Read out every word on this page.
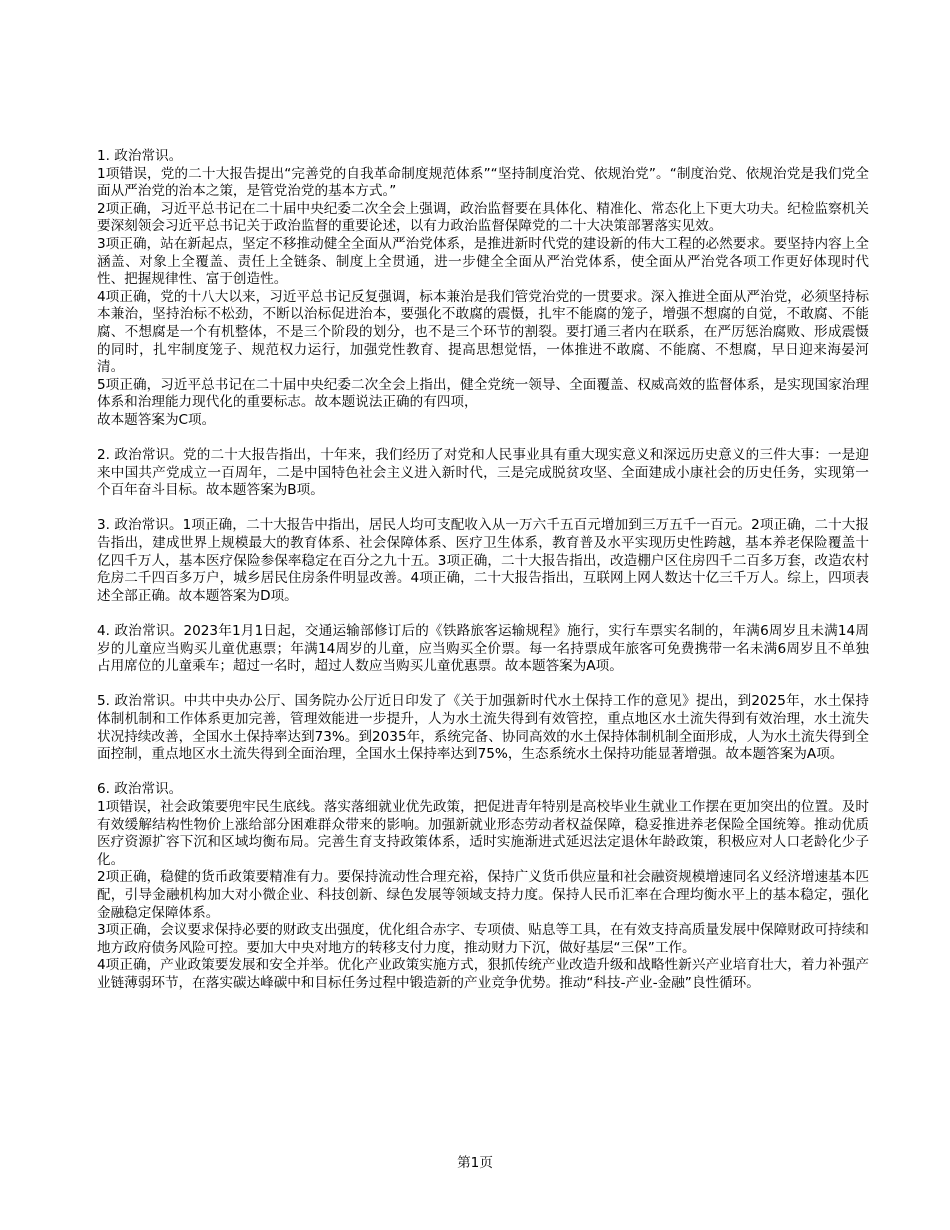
1. 政治常识。

1项错误，党的二十大报告提出“完善党的自我革命制度规范体系”“坚持制度治党、依规治党”。“制度治党、依规治党是我们党全面从严治党的治本之策，是管党治党的基本方式。”

2项正确，习近平总书记在二十届中央纪委二次全会上强调，政治监督要在具体化、精准化、常态化上下更大功夫。纪检监察机关要深刻领会习近平总书记关于政治监督的重要论述，以有力政治监督保障党的二十大决策部署落实见效。

3项正确，站在新起点，坚定不移推动健全全面从严治党体系，是推进新时代党的建设新的伟大工程的必然要求。要坚持内容上全涵盖、对象上全覆盖、责任上全链条、制度上全贯通，进一步健全全面从严治党体系，使全面从严治党各项工作更好体现时代性、把握规律性、富于创造性。

4项正确，党的十八大以来，习近平总书记反复强调，标本兼治是我们管党治党的一贯要求。深入推进全面从严治党，必须坚持标本兼治，坚持治标不松劲，不断以治标促进治本，要强化不敢腐的震慑，扎牢不能腐的笼子，增强不想腐的自觉，不敢腐、不能腐、不想腐是一个有机整体，不是三个阶段的划分，也不是三个环节的割裂。要打通三者内在联系，在严厉惩治腐败、形成震慑的同时，扎牢制度笼子、规范权力运行，加强党性教育、提高思想觉悟，一体推进不敢腐、不能腐、不想腐，早日迎来海晏河清。

5项正确，习近平总书记在二十届中央纪委二次全会上指出，健全党统一领导、全面覆盖、权威高效的监督体系，是实现国家治理体系和治理能力现代化的重要标志。故本题说法正确的有四项，

故本题答案为C项。

2. 政治常识。党的二十大报告指出，十年来，我们经历了对党和人民事业具有重大现实意义和深远历史意义的三件大事：一是迎来中国共产党成立一百周年，二是中国特色社会主义进入新时代，三是完成脱贫攻坚、全面建成小康社会的历史任务，实现第一个百年奋斗目标。故本题答案为B项。

3. 政治常识。1项正确，二十大报告中指出，居民人均可支配收入从一万六千五百元增加到三万五千一百元。2项正确，二十大报告指出，建成世界上规模最大的教育体系、社会保障体系、医疗卫生体系，教育普及水平实现历史性跨越，基本养老保险覆盖十亿四千万人，基本医疗保险参保率稳定在百分之九十五。3项正确，二十大报告指出，改造棚户区住房四千二百多万套，改造农村危房二千四百多万户，城乡居民住房条件明显改善。4项正确，二十大报告指出，互联网上网人数达十亿三千万人。综上，四项表述全部正确。故本题答案为D项。

4. 政治常识。2023年1月1日起，交通运输部修订后的《铁路旅客运输规程》施行，实行车票实名制的，年满6周岁且未满14周岁的儿童应当购买儿童优惠票；年满14周岁的儿童，应当购买全价票。每一名持票成年旅客可免费携带一名未满6周岁且不单独占用席位的儿童乘车；超过一名时，超过人数应当购买儿童优惠票。故本题答案为A项。

5. 政治常识。中共中央办公厅、国务院办公厅近日印发了《关于加强新时代水土保持工作的意见》提出，到2025年，水土保持体制机制和工作体系更加完善，管理效能进一步提升，人为水土流失得到有效管控，重点地区水土流失得到有效治理，水土流失状况持续改善，全国水土保持率达到73%。到2035年，系统完备、协同高效的水土保持体制机制全面形成，人为水土流失得到全面控制，重点地区水土流失得到全面治理，全国水土保持率达到75%，生态系统水土保持功能显著增强。故本题答案为A项。

6. 政治常识。

1项错误，社会政策要兜牢民生底线。落实落细就业优先政策，把促进青年特别是高校毕业生就业工作摆在更加突出的位置。及时有效缓解结构性物价上涨给部分困难群众带来的影响。加强新就业形态劳动者权益保障，稳妥推进养老保险全国统筹。推动优质医疗资源扩容下沉和区域均衡布局。完善生育支持政策体系，适时实施渐进式延迟法定退休年龄政策，积极应对人口老龄化少子化。

2项正确，稳健的货币政策要精准有力。要保持流动性合理充裕，保持广义货币供应量和社会融资规模增速同名义经济增速基本匹配，引导金融机构加大对小微企业、科技创新、绿色发展等领域支持力度。保持人民币汇率在合理均衡水平上的基本稳定，强化金融稳定保障体系。

3项正确，会议要求保持必要的财政支出强度，优化组合赤字、专项债、贴息等工具，在有效支持高质量发展中保障财政可持续和地方政府债务风险可控。要加大中央对地方的转移支付力度，推动财力下沉，做好基层“三保”工作。

4项正确，产业政策要发展和安全并举。优化产业政策实施方式，狠抓传统产业改造升级和战略性新兴产业培育壮大，着力补强产业链薄弱环节，在落实碳达峰碳中和目标任务过程中锻造新的产业竞争优势。推动“科技-产业-金融”良性循环。

第1页
